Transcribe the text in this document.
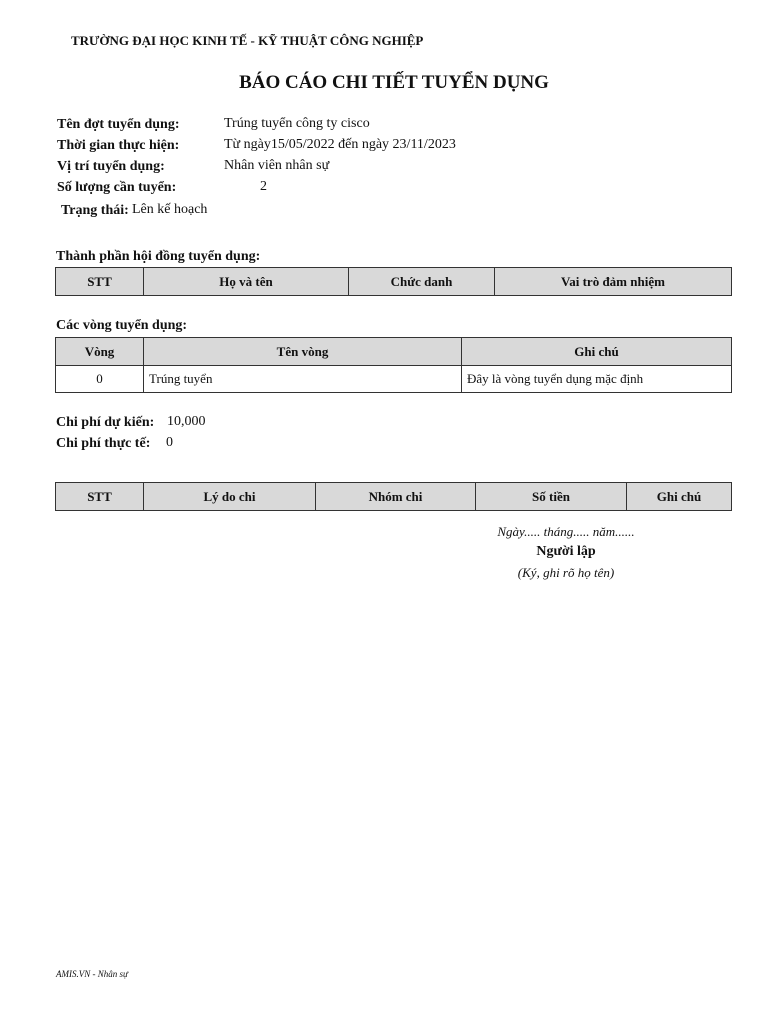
TRƯỜNG ĐẠI HỌC KINH TẾ - KỸ THUẬT CÔNG NGHIỆP
BÁO CÁO CHI TIẾT TUYỂN DỤNG
Tên đợt tuyển dụng:	Trúng tuyển công ty cisco
Thời gian thực hiện:	Từ ngày15/05/2022 đến ngày 23/11/2023
Vị trí tuyển dụng:	Nhân viên nhân sự
Số lượng cần tuyển:	2
Trạng thái: Lên kế hoạch
Thành phần hội đồng tuyển dụng:
STT	Họ và tên	Chức danh	Vai trò đảm nhiệm
Các vòng tuyển dụng:
Vòng	Tên vòng	Ghi chú
0	Trúng tuyển	Đây là vòng tuyển dụng mặc định
Chi phí dự kiến: 10,000
Chi phí thực tế: 0
STT	Lý do chi	Nhóm chi	Số tiền	Ghi chú
Ngày..... tháng..... năm......
Người lập
(Ký, ghi rõ họ tên)
AMIS.VN - Nhân sự
